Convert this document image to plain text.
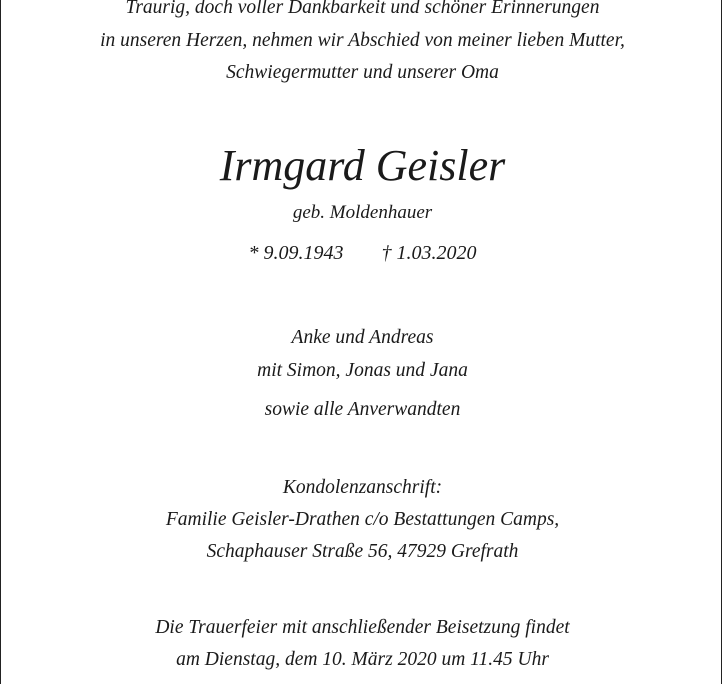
Traurig, doch voller Dankbarkeit und schöner Erinnerungen
in unseren Herzen, nehmen wir Abschied von meiner lieben Mutter,
Schwiegermutter und unserer Oma
Irmgard Geisler
geb. Moldenhauer
* 9.09.1943 † 1.03.2020
Anke und Andreas
mit Simon, Jonas und Jana
sowie alle Anverwandten
Kondolenzanschrift:
Familie Geisler-Drathen c/o Bestattungen Camps,
Schaphauser Straße 56, 47929 Grefrath
Die Trauerfeier mit anschließender Beisetzung findet
am Dienstag, dem 10. März 2020 um 11.45 Uhr
